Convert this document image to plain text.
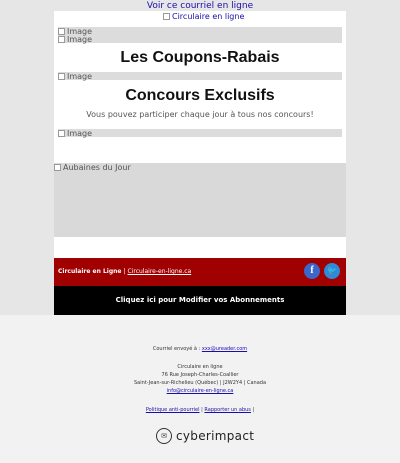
Voir ce courriel en ligne
Circulaire en ligne
Image
Image
Les Coupons-Rabais
Image
Concours Exclusifs
Vous pouvez participer chaque jour à tous nos concours!
Image
Aubaines du Jour
Circulaire en Ligne | Circulaire-en-ligne.ca	f	🐦
Cliquez ici pour Modifier vos Abonnements
Courriel envoyé à : xxx@ureader.com
Circulaire en ligne
76 Rue Joseph-Charles-Coallier
Saint-Jean-sur-Richelieu (Québec) | J2W2Y4 | Canada
info@circulaire-en-ligne.ca
Politique anti-pourriel | Rapporter un abus |
✉ cyberimpact
